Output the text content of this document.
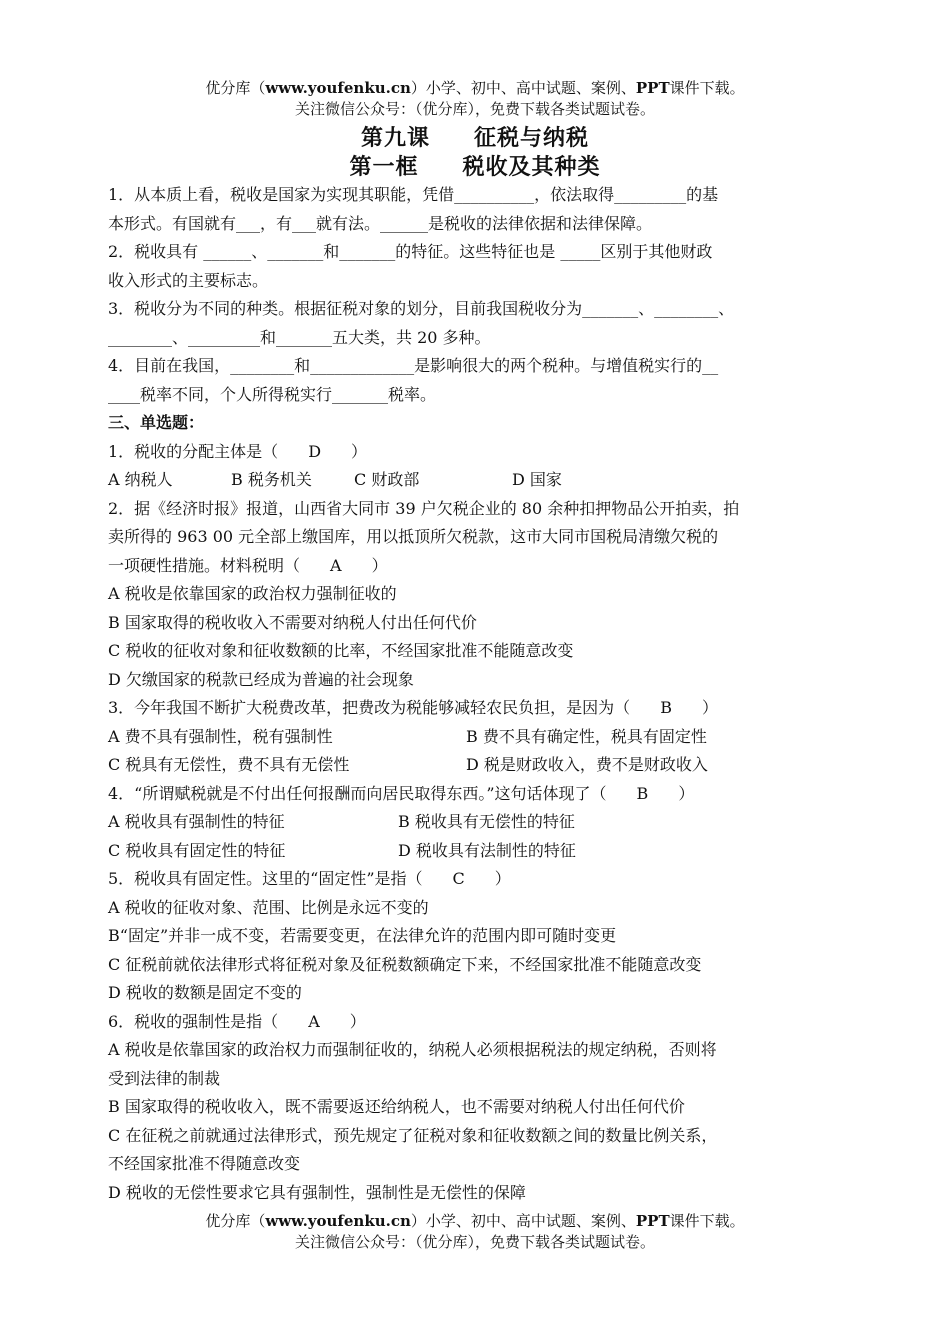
优分库（www.youfenku.cn）小学、初中、高中试题、案例、PPT课件下载。
关注微信公众号：（优分库），免费下载各类试题试卷。
第九课 征税与纳税
第一框 税收及其种类

1．从本质上看，税收是国家为实现其职能，凭借__________，依法取得_________的基

本形式。有国就有___，有___就有法。______是税收的法律依据和法律保障。

2．税收具有 ______、_______和_______的特征。这些特征也是 _____区别于其他财政

收入形式的主要标志。

3．税收分为不同的种类。根据征税对象的划分，目前我国税收分为_______、________、

________、_________和_______五大类，共 20 多种。

4．目前在我国，________和_____________是影响很大的两个税种。与增值税实行的__

____税率不同，个人所得税实行_______税率。

三、单选题：

1．税收的分配主体是（ D ）

A 纳税人	B 税务机关	C 财政部	D 国家

2．据《经济时报》报道，山西省大同市 39 户欠税企业的 80 余种扣押物品公开拍卖，拍

卖所得的 963 00 元全部上缴国库，用以抵顶所欠税款，这市大同市国税局清缴欠税的

一项硬性措施。材料税明（ A ）

A 税收是依靠国家的政治权力强制征收的

B 国家取得的税收收入不需要对纳税人付出任何代价

C 税收的征收对象和征收数额的比率，不经国家批准不能随意改变

D 欠缴国家的税款已经成为普遍的社会现象

3．今年我国不断扩大税费改革，把费改为税能够减轻农民负担，是因为（ B ）

A 费不具有强制性，税有强制性	B 费不具有确定性，税具有固定性
C 税具有无偿性，费不具有无偿性	D 税是财政收入，费不是财政收入

4．“所谓赋税就是不付出任何报酬而向居民取得东西。”这句话体现了（ B ）

A 税收具有强制性的特征	B 税收具有无偿性的特征
C 税收具有固定性的特征	D 税收具有法制性的特征

5．税收具有固定性。这里的“固定性”是指（ C ）

A 税收的征收对象、范围、比例是永远不变的

B“固定”并非一成不变，若需要变更，在法律允许的范围内即可随时变更

C 征税前就依法律形式将征税对象及征税数额确定下来，不经国家批准不能随意改变

D 税收的数额是固定不变的

6．税收的强制性是指（ A ）

A 税收是依靠国家的政治权力而强制征收的，纳税人必须根据税法的规定纳税，否则将

受到法律的制裁

B 国家取得的税收收入，既不需要返还给纳税人，也不需要对纳税人付出任何代价

C 在征税之前就通过法律形式，预先规定了征税对象和征收数额之间的数量比例关系，

不经国家批准不得随意改变

D 税收的无偿性要求它具有强制性，强制性是无偿性的保障

优分库（www.youfenku.cn）小学、初中、高中试题、案例、PPT课件下载。
关注微信公众号：（优分库），免费下载各类试题试卷。
